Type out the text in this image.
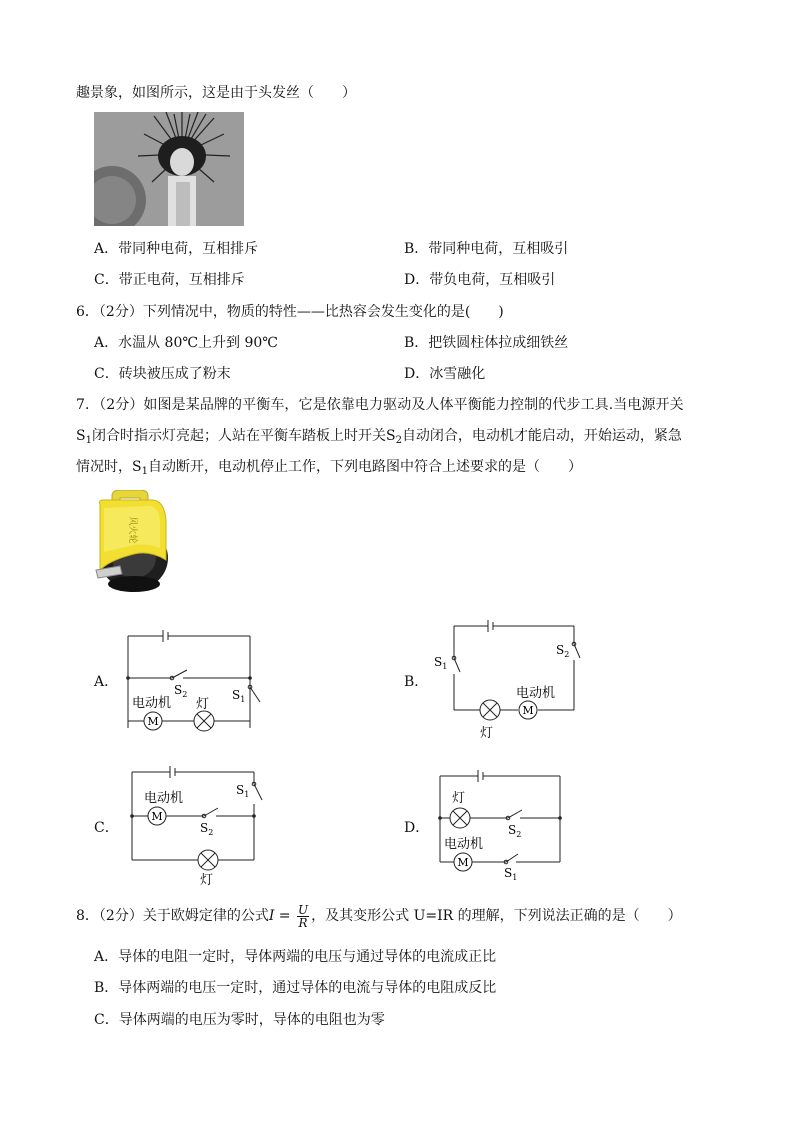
趣景象，如图所示，这是由于头发丝（　　）
A．带同种电荷，互相排斥	B．带同种电荷，互相吸引
C．带正电荷，互相排斥	D．带负电荷，互相吸引
6．（2分）下列情况中，物质的特性——比热容会发生变化的是(　　)
A．水温从 80℃上升到 90℃	B．把铁圆柱体拉成细铁丝
C．砖块被压成了粉末	D．冰雪融化
7．（2分）如图是某品牌的平衡车，它是依靠电力驱动及人体平衡能力控制的代步工具.当电源开关
$S_1$闭合时指示灯亮起；人站在平衡车踏板上时开关$S_2$自动闭合，电动机才能启动，开始运动，紧急
情况时，$S_1$自动断开，电动机停止工作，下列电路图中符合上述要求的是（　　）
风火轮
A．
M
$S_2$	$S_1$
电动机 灯
B．
M
$S_1$
$S_2$
电动机
灯
C．
M
电动机
$S_2$
$S_1$
灯
D．
M
灯
电动机
$S_2$
$S_1$
8．（2分）关于欧姆定律的公式$I = \frac{U}{R}$ ，及其变形公式 U=IR 的理解，下列说法正确的是（　　）
A．导体的电阻一定时，导体两端的电压与通过导体的电流成正比
B．导体两端的电压一定时，通过导体的电流与导体的电阻成反比
C．导体两端的电压为零时，导体的电阻也为零
